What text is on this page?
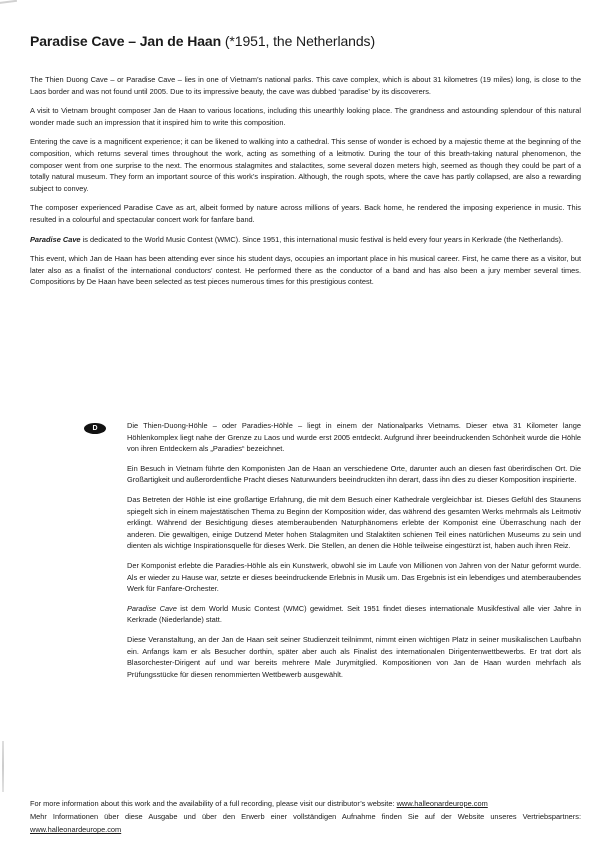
Paradise Cave – Jan de Haan (*1951, the Netherlands)

The Thien Duong Cave – or Paradise Cave – lies in one of Vietnam’s national parks. This cave complex, which is about 31 kilometres (19 miles) long, is close to the Laos border and was not found until 2005. Due to its impressive beauty, the cave was dubbed ‘paradise’ by its discoverers.

A visit to Vietnam brought composer Jan de Haan to various locations, including this unearthly looking place. The grandness and astounding splendour of this natural wonder made such an impression that it inspired him to write this composition.

Entering the cave is a magnificent experience; it can be likened to walking into a cathedral. This sense of wonder is echoed by a majestic theme at the beginning of the composition, which returns several times throughout the work, acting as something of a leitmotiv. During the tour of this breath-taking natural phenomenon, the composer went from one surprise to the next. The enormous stalagmites and stalactites, some several dozen meters high, seemed as though they could be part of a totally natural museum. They form an important source of this work’s inspiration. Although, the rough spots, where the cave has partly collapsed, are also a rewarding subject to convey.

The composer experienced Paradise Cave as art, albeit formed by nature across millions of years. Back home, he rendered the imposing experience in music. This resulted in a colourful and spectacular concert work for fanfare band.

Paradise Cave is dedicated to the World Music Contest (WMC). Since 1951, this international music festival is held every four years in Kerkrade (the Netherlands).

This event, which Jan de Haan has been attending ever since his student days, occupies an important place in his musical career. First, he came there as a visitor, but later also as a finalist of the international conductors’ contest. He performed there as the conductor of a band and has also been a jury member several times. Compositions by De Haan have been selected as test pieces numerous times for this prestigious contest.

D	Die Thien-Duong-Höhle – oder Paradies-Höhle – liegt in einem der Nationalparks Vietnams. Dieser etwa 31 Kilometer lange Höhlenkomplex liegt nahe der Grenze zu Laos und wurde erst 2005 entdeckt. Aufgrund ihrer beeindruckenden Schönheit wurde die Höhle von ihren Entdeckern als „Paradies“ bezeichnet.

Ein Besuch in Vietnam führte den Komponisten Jan de Haan an verschiedene Orte, darunter auch an diesen fast überirdischen Ort. Die Großartigkeit und außerordentliche Pracht dieses Naturwunders beeindruckten ihn derart, dass ihn dies zu dieser Komposition inspirierte.

Das Betreten der Höhle ist eine großartige Erfahrung, die mit dem Besuch einer Kathedrale vergleichbar ist. Dieses Gefühl des Staunens spiegelt sich in einem majestätischen Thema zu Beginn der Komposition wider, das während des gesamten Werks mehrmals als Leitmotiv erklingt. Während der Besichtigung dieses atemberaubenden Naturphänomens erlebte der Komponist eine Überraschung nach der anderen. Die gewaltigen, einige Dutzend Meter hohen Stalagmiten und Stalaktiten schienen Teil eines natürlichen Museums zu sein und dienten als wichtige Inspirationsquelle für dieses Werk. Die Stellen, an denen die Höhle teilweise eingestürzt ist, haben auch ihren Reiz.

Der Komponist erlebte die Paradies-Höhle als ein Kunstwerk, obwohl sie im Laufe von Millionen von Jahren von der Natur geformt wurde. Als er wieder zu Hause war, setzte er dieses beeindruckende Erlebnis in Musik um. Das Ergebnis ist ein lebendiges und atemberaubendes Werk für Fanfare-Orchester.

Paradise Cave ist dem World Music Contest (WMC) gewidmet. Seit 1951 findet dieses internationale Musikfestival alle vier Jahre in Kerkrade (Niederlande) statt.

Diese Veranstaltung, an der Jan de Haan seit seiner Studienzeit teilnimmt, nimmt einen wichtigen Platz in seiner musikalischen Laufbahn ein. Anfangs kam er als Besucher dorthin, später aber auch als Finalist des internationalen Dirigentenwettbewerbs. Er trat dort als Blasorchester-Dirigent auf und war bereits mehrere Male Jurymitglied. Kompositionen von Jan de Haan wurden mehrfach als Prüfungsstücke für diesen renommierten Wettbewerb ausgewählt.

For more information about this work and the availability of a full recording, please visit our distributor’s website: www.halleonardeurope.com

Mehr Informationen über diese Ausgabe und über den Erwerb einer vollständigen Aufnahme finden Sie auf der Website unseres Vertriebspartners: www.halleonardeurope.com
